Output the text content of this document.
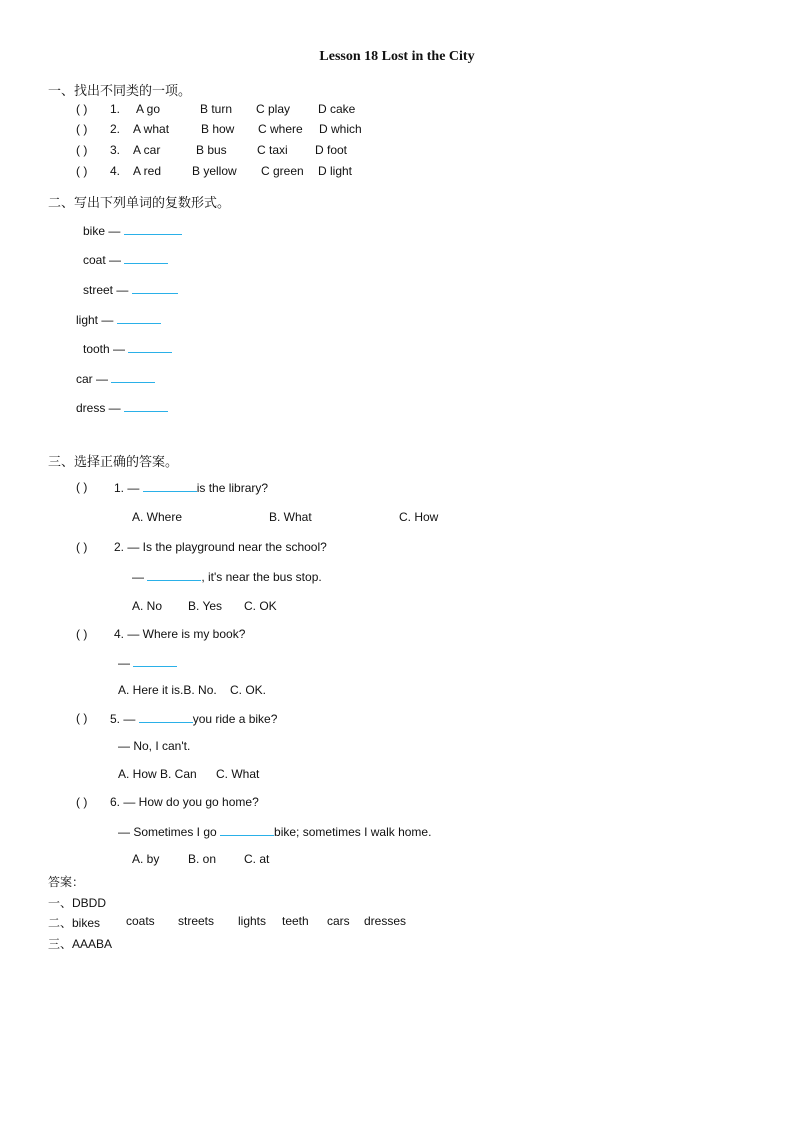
Lesson 18 Lost in the City
一、找出不同类的一项。
( ) 1. A go	B turn C play D cake
( ) 2. A what	B how C where D which
( ) 3. A car	B bus	C taxi D foot
( ) 4. A red	B yellow C green D light
二、写出下列单词的复数形式。
bike —
coat —
street —
light —
tooth —
car —
dress —
三、选择正确的答案。
( ) 1. —	is the library?
A. Where	B. What	C. How
( ) 2. — Is the playground near the school?
—	, it's near the bus stop.
A. No B. Yes C. OK
( ) 4. — Where is my book?
—
A. Here it is.B. No. C. OK.
( ) 5. —	you ride a bike?
— No, I can't.
A. How B. Can C. What
( ) 6. — How do you go home?
— Sometimes I go	bike; sometimes I walk home.
A. by B. on C. at
答案：
一、DBDD
二、bikes coats streets lights teeth cars dresses
三、AAABA
